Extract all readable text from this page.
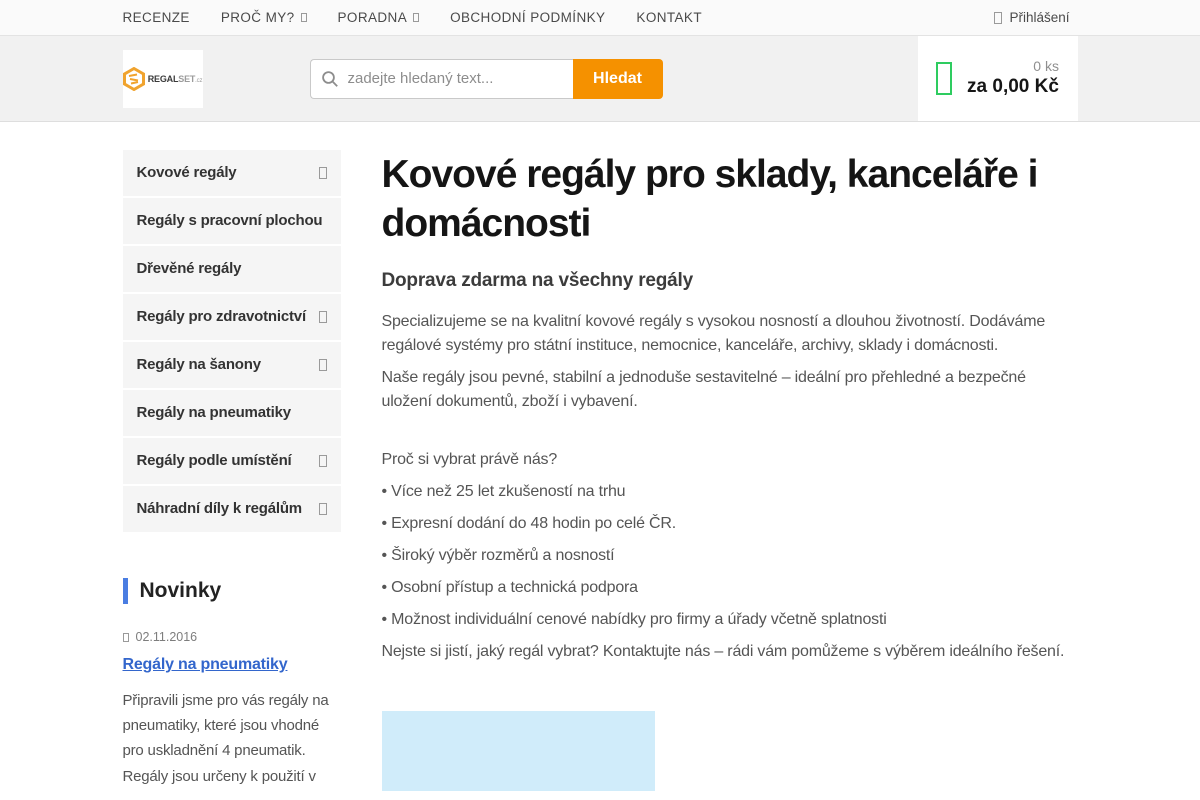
RECENZE PROČ MY?	PORADNA	OBCHODNÍ PODMÍNKY KONTAKT	Přihlášení
REGALSET.cz
zadejte hledaný text...	Hledat
0 ks
za 0,00 Kč
Kovové regály
Regály s pracovní plochou
Dřevěné regály
Regály pro zdravotnictví
Regály na šanony
Regály na pneumatiky
Regály podle umístění
Náhradní díly k regálům
Novinky
02.11.2016
Regály na pneumatiky

Připravili jsme pro vás regály na pneumatiky, které jsou vhodné pro uskladnění 4 pneumatik. Regály jsou určeny k použití v

Kovové regály pro sklady, kanceláře i domácnosti
Doprava zdarma na všechny regály

Specializujeme se na kvalitní kovové regály s vysokou nosností a dlouhou životností. Dodáváme regálové systémy pro státní instituce, nemocnice, kanceláře, archivy, sklady i domácnosti.

Naše regály jsou pevné, stabilní a jednoduše sestavitelné – ideální pro přehledné a bezpečné uložení dokumentů, zboží i vybavení.

Proč si vybrat právě nás?

• Více než 25 let zkušeností na trhu

• Expresní dodání do 48 hodin po celé ČR.

• Široký výběr rozměrů a nosností

• Osobní přístup a technická podpora

• Možnost individuální cenové nabídky pro firmy a úřady včetně splatnosti

Nejste si jistí, jaký regál vybrat? Kontaktujte nás – rádi vám pomůžeme s výběrem ideálního řešení.
